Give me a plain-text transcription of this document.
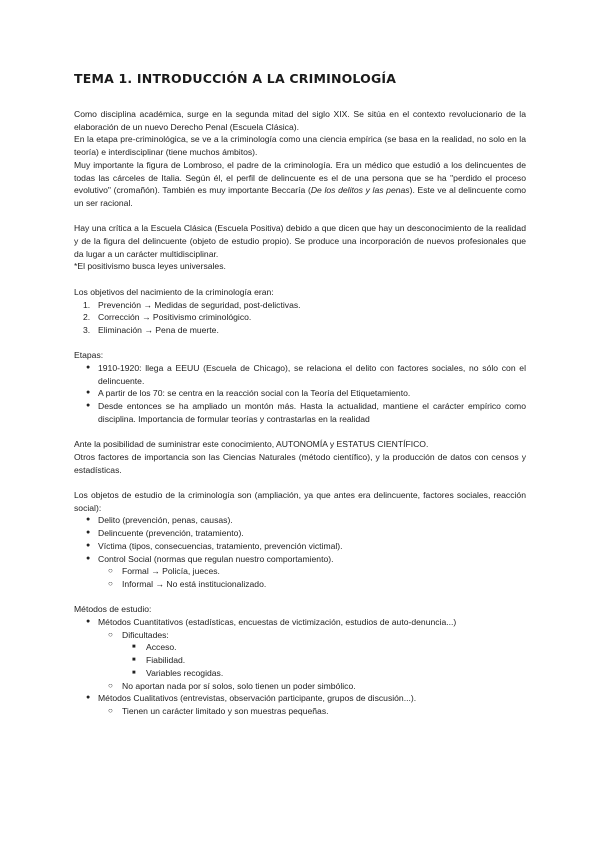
TEMA 1. INTRODUCCIÓN A LA CRIMINOLOGÍA

Como disciplina académica, surge en la segunda mitad del siglo XIX. Se sitúa en el contexto revolucionario de la elaboración de un nuevo Derecho Penal (Escuela Clásica).

En la etapa pre-criminológica, se ve a la criminología como una ciencia empírica (se basa en la realidad, no solo en la teoría) e interdisciplinar (tiene muchos ámbitos).

Muy importante la figura de Lombroso, el padre de la criminología. Era un médico que estudió a los delincuentes de todas las cárceles de Italia. Según él, el perfil de delincuente es el de una persona que se ha "perdido el proceso evolutivo" (cromañón). También es muy importante Beccaría (De los delitos y las penas). Este ve al delincuente como un ser racional.

Hay una crítica a la Escuela Clásica (Escuela Positiva) debido a que dicen que hay un desconocimiento de la realidad y de la figura del delincuente (objeto de estudio propio). Se produce una incorporación de nuevos profesionales que da lugar a un carácter multidisciplinar.

*El positivismo busca leyes universales.

Los objetivos del nacimiento de la criminología eran:

1. Prevención → Medidas de seguridad, post-delictivas.
2. Corrección → Positivismo criminológico.
3. Eliminación → Pena de muerte.

Etapas:

● 1910-1920: llega a EEUU (Escuela de Chicago), se relaciona el delito con factores sociales, no sólo con el delincuente.
● A partir de los 70: se centra en la reacción social con la Teoría del Etiquetamiento.
● Desde entonces se ha ampliado un montón más. Hasta la actualidad, mantiene el carácter empírico como disciplina. Importancia de formular teorías y contrastarlas en la realidad

Ante la posibilidad de suministrar este conocimiento, AUTONOMÍA y ESTATUS CIENTÍFICO.

Otros factores de importancia son las Ciencias Naturales (método científico), y la producción de datos con censos y estadísticas.

Los objetos de estudio de la criminología son (ampliación, ya que antes era delincuente, factores sociales, reacción social):

● Delito (prevención, penas, causas).
● Delincuente (prevención, tratamiento).
● Víctima (tipos, consecuencias, tratamiento, prevención victimal).
● Control Social (normas que regulan nuestro comportamiento).
○ Formal → Policía, jueces.
○ Informal → No está institucionalizado.

Métodos de estudio:

● Métodos Cuantitativos (estadísticas, encuestas de victimización, estudios de auto-denuncia...)
○ Dificultades:
■ Acceso.
■ Fiabilidad.
■ Variables recogidas.
○ No aportan nada por sí solos, solo tienen un poder simbólico.
● Métodos Cualitativos (entrevistas, observación participante, grupos de discusión...).
○ Tienen un carácter limitado y son muestras pequeñas.
